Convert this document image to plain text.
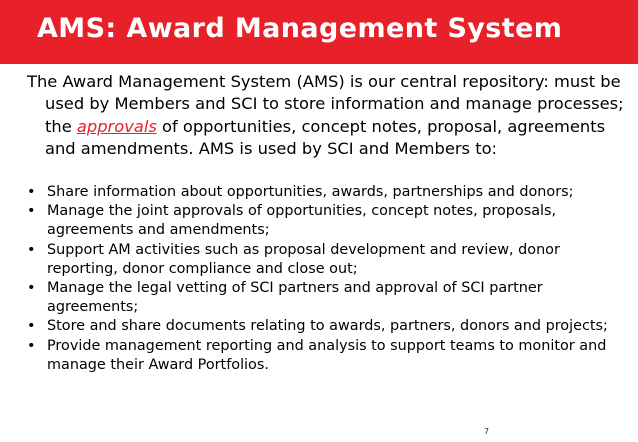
AMS: Award Management System
The Award Management System (AMS) is our central repository: must be used by Members and SCI to store information and manage processes; the approvals of opportunities, concept notes, proposal, agreements and amendments. AMS is used by SCI and Members to:
• Share information about opportunities, awards, partnerships and donors;
• Manage the joint approvals of opportunities, concept notes, proposals, agreements and amendments;
• Support AM activities such as proposal development and review, donor reporting, donor compliance and close out;
• Manage the legal vetting of SCI partners and approval of SCI partner agreements;
• Store and share documents relating to awards, partners, donors and projects;
• Provide management reporting and analysis to support teams to monitor and manage their Award Portfolios.
7
